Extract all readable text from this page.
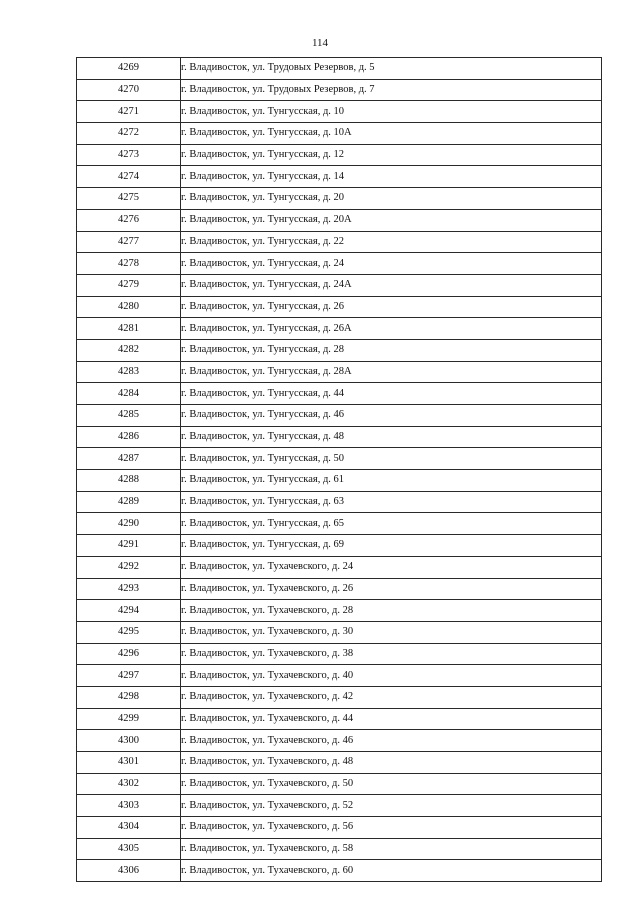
114
4269	г. Владивосток, ул. Трудовых Резервов, д. 5
4270	г. Владивосток, ул. Трудовых Резервов, д. 7
4271	г. Владивосток, ул. Тунгусская, д. 10
4272	г. Владивосток, ул. Тунгусская, д. 10А
4273	г. Владивосток, ул. Тунгусская, д. 12
4274	г. Владивосток, ул. Тунгусская, д. 14
4275	г. Владивосток, ул. Тунгусская, д. 20
4276	г. Владивосток, ул. Тунгусская, д. 20А
4277	г. Владивосток, ул. Тунгусская, д. 22
4278	г. Владивосток, ул. Тунгусская, д. 24
4279	г. Владивосток, ул. Тунгусская, д. 24А
4280	г. Владивосток, ул. Тунгусская, д. 26
4281	г. Владивосток, ул. Тунгусская, д. 26А
4282	г. Владивосток, ул. Тунгусская, д. 28
4283	г. Владивосток, ул. Тунгусская, д. 28А
4284	г. Владивосток, ул. Тунгусская, д. 44
4285	г. Владивосток, ул. Тунгусская, д. 46
4286	г. Владивосток, ул. Тунгусская, д. 48
4287	г. Владивосток, ул. Тунгусская, д. 50
4288	г. Владивосток, ул. Тунгусская, д. 61
4289	г. Владивосток, ул. Тунгусская, д. 63
4290	г. Владивосток, ул. Тунгусская, д. 65
4291	г. Владивосток, ул. Тунгусская, д. 69
4292	г. Владивосток, ул. Тухачевского, д. 24
4293	г. Владивосток, ул. Тухачевского, д. 26
4294	г. Владивосток, ул. Тухачевского, д. 28
4295	г. Владивосток, ул. Тухачевского, д. 30
4296	г. Владивосток, ул. Тухачевского, д. 38
4297	г. Владивосток, ул. Тухачевского, д. 40
4298	г. Владивосток, ул. Тухачевского, д. 42
4299	г. Владивосток, ул. Тухачевского, д. 44
4300	г. Владивосток, ул. Тухачевского, д. 46
4301	г. Владивосток, ул. Тухачевского, д. 48
4302	г. Владивосток, ул. Тухачевского, д. 50
4303	г. Владивосток, ул. Тухачевского, д. 52
4304	г. Владивосток, ул. Тухачевского, д. 56
4305	г. Владивосток, ул. Тухачевского, д. 58
4306	г. Владивосток, ул. Тухачевского, д. 60
